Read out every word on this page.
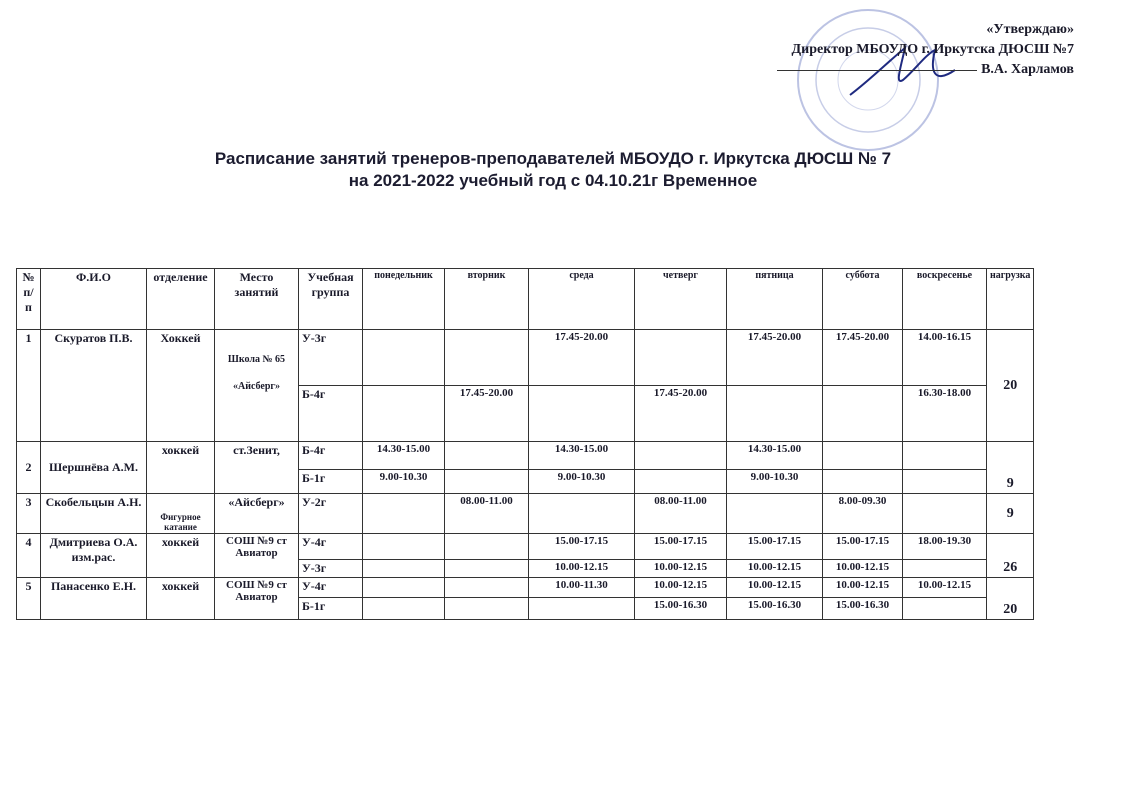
«Утверждаю»
Директор МБОУДО г. Иркутска ДЮСШ №7
В.А. Харламов
Расписание занятий тренеров-преподавателей МБОУДО г. Иркутска ДЮСШ № 7
на 2021-2022 учебный год с 04.10.21г Временное
№ п/п	Ф.И.О	отделение	Место занятий	Учебная группа	понедельник	вторник	среда	четверг	пятница	суббота	воскресенье	нагрузка
1	Скуратов П.В.	Хоккей	Школа № 65
«Айсберг»	У-3г			17.45-20.00		17.45-20.00	17.45-20.00	14.00-16.15	20
				Б-4г		17.45-20.00		17.45-20.00			16.30-18.00	
2	Шершнёва А.М.	хоккей	ст.Зенит,	Б-4г	14.30-15.00		14.30-15.00		14.30-15.00			9
				Б-1г	9.00-10.30		9.00-10.30		9.00-10.30			
3	Скобельцын А.Н.	Фигурное катание	«Айсберг»	У-2г		08.00-11.00		08.00-11.00		8.00-09.30		9
4	Дмитриева О.А. изм.рас.	хоккей	СОШ №9 ст Авиатор	У-4г			15.00-17.15	15.00-17.15	15.00-17.15	15.00-17.15	18.00-19.30	26
				У-3г			10.00-12.15	10.00-12.15	10.00-12.15	10.00-12.15		
5	Панасенко Е.Н.	хоккей	СОШ №9 ст Авиатор	У-4г			10.00-11.30	10.00-12.15	10.00-12.15	10.00-12.15	10.00-12.15	20
				Б-1г				15.00-16.30	15.00-16.30	15.00-16.30		
